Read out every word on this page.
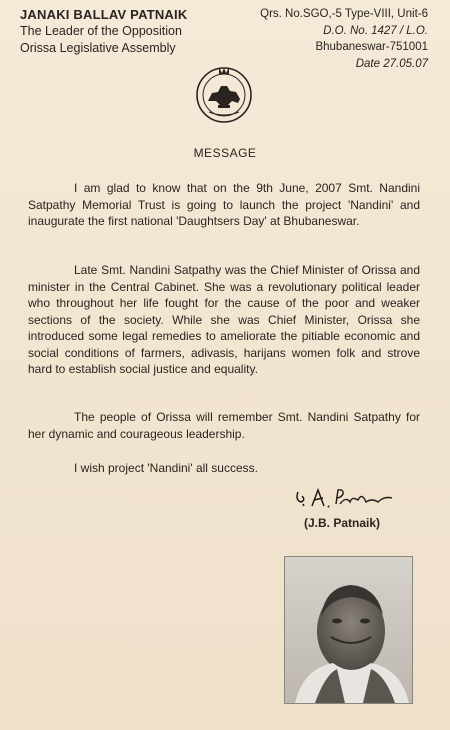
JANAKI BALLAV PATNAIK
The Leader of the Opposition
Orissa Legislative Assembly
Qrs. No.SGO,-5 Type-VIII, Unit-6
D.O. No. 1427 / L.O.
Bhubaneswar-751001
Date 27.05.07
MESSAGE

I am glad to know that on the 9th June, 2007 Smt. Nandini Satpathy Memorial Trust is going to launch the project 'Nandini' and inaugurate the first national 'Daughtsers Day' at Bhubaneswar.

Late Smt. Nandini Satpathy was the Chief Minister of Orissa and minister in the Central Cabinet. She was a revolutionary political leader who throughout her life fought for the cause of the poor and weaker sections of the society. While she was Chief Minister, Orissa she introduced some legal remedies to ameliorate the pitiable economic and social conditions of farmers, adivasis, harijans women folk and strove hard to establish social justice and equality.

The people of Orissa will remember Smt. Nandini Satpathy for her dynamic and courageous leadership.

I wish project 'Nandini' all success.

(J.B. Patnaik)
